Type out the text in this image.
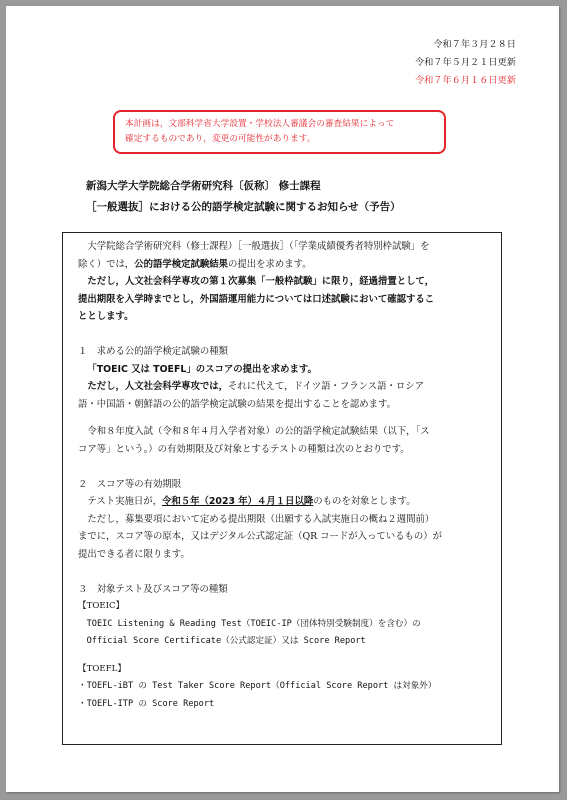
令和７年３月２８日
令和７年５月２１日更新
令和７年６月１６日更新
本計画は，文部科学省大学設置・学校法人審議会の審査結果によって
確定するものであり，変更の可能性があります。
新潟大学大学院総合学術研究科〔仮称〕 修士課程
［一般選抜］における公的語学検定試験に関するお知らせ（予告）

大学院総合学術研究科（修士課程）［一般選抜］（「学業成績優秀者特別枠試験」を

除く）では，公的語学検定試験結果の提出を求めます。

ただし，人文社会科学専攻の第１次募集「一般枠試験」に限り，経過措置として，

提出期限を入学時までとし，外国語運用能力については口述試験において確認するこ

ととします。

１　求める公的語学検定試験の種類

「TOEIC 又は TOEFL」のスコアの提出を求めます。

ただし，人文社会科学専攻では，それに代えて，ドイツ語・フランス語・ロシア

語・中国語・朝鮮語の公的語学検定試験の結果を提出することを認めます。

令和８年度入試（令和８年４月入学者対象）の公的語学検定試験結果（以下，「ス

コア等」という。）の有効期限及び対象とするテストの種類は次のとおりです。

２　スコア等の有効期限

テスト実施日が，令和５年（2023 年）４月１日以降のものを対象とします。

ただし，募集要項において定める提出期限（出願する入試実施日の概ね２週間前）

までに，スコア等の原本，又はデジタル公式認定証（QR コードが入っているもの）が

提出できる者に限ります。

３　対象テスト及びスコア等の種類

【TOEIC】

TOEIC Listening & Reading Test（TOEIC-IP（団体特別受験制度）を含む）の

Official Score Certificate（公式認定証）又は Score Report

【TOEFL】

・TOEFL-iBT の Test Taker Score Report（Official Score Report は対象外）

・TOEFL-ITP の Score Report
